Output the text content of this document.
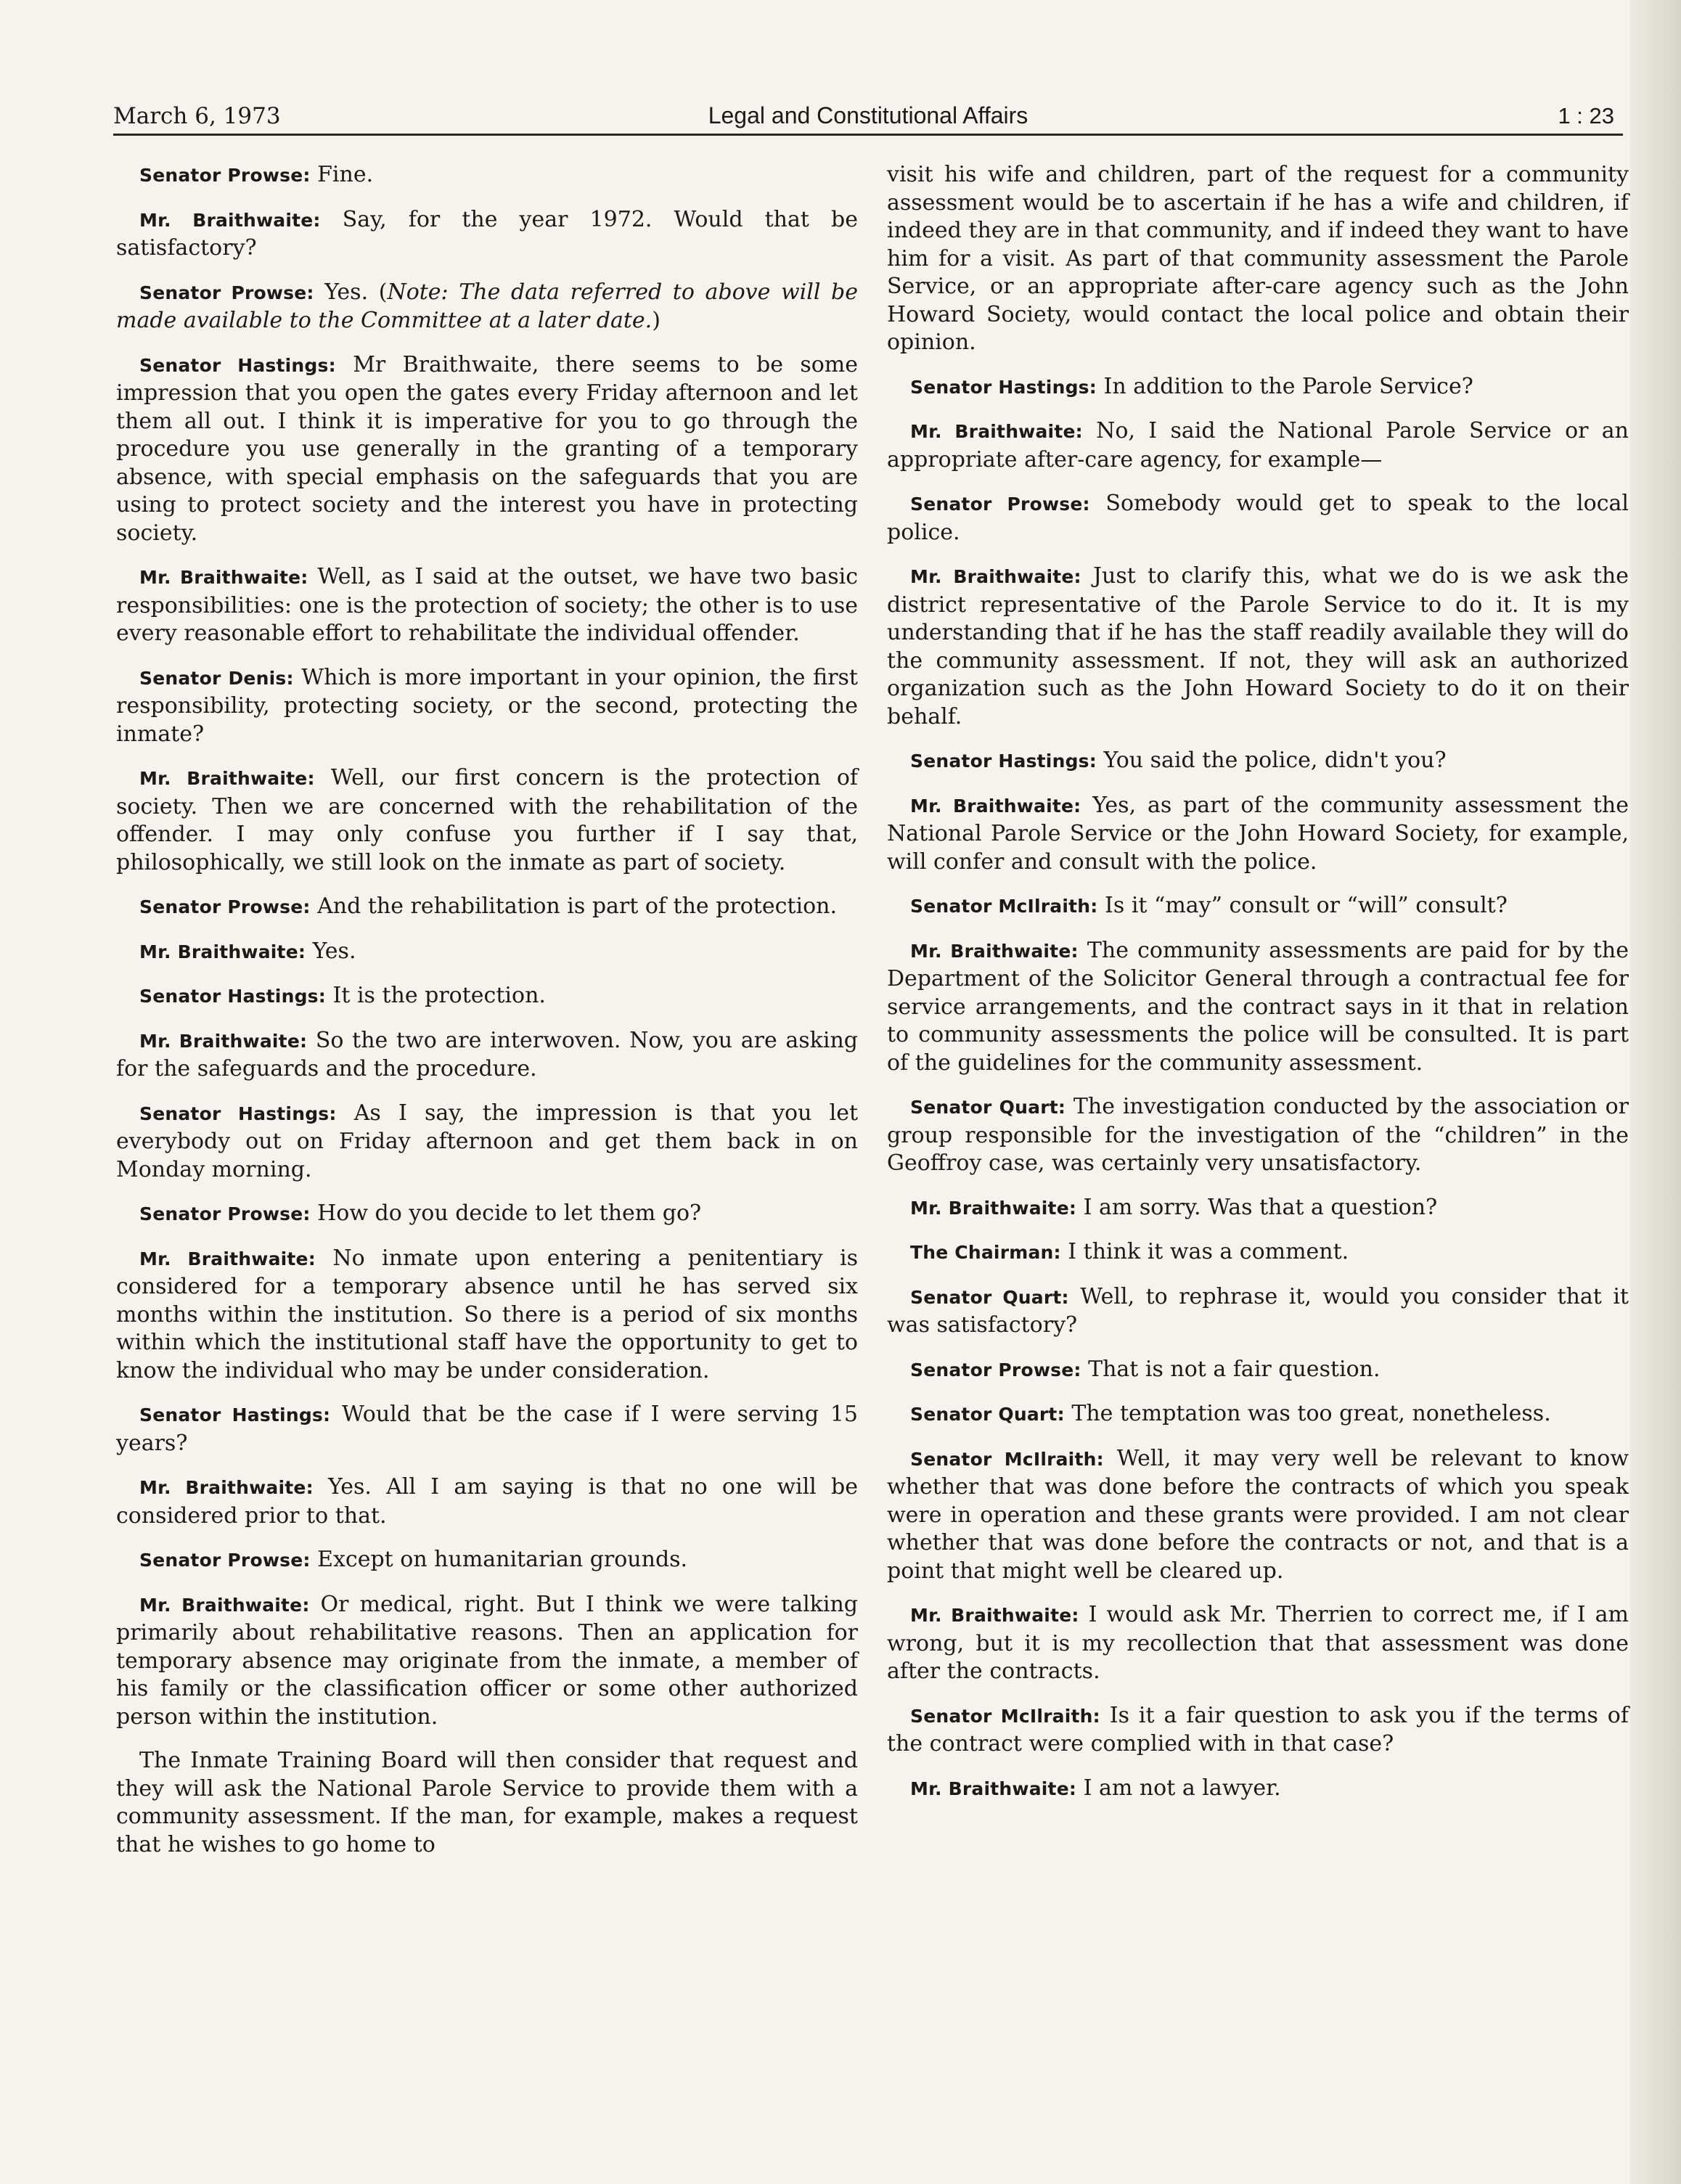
March 6, 1973	Legal and Constitutional Affairs	1 : 23

Senator Prowse: Fine.

Mr. Braithwaite: Say, for the year 1972. Would that be satisfactory?

Senator Prowse: Yes. (Note: The data referred to above will be made available to the Committee at a later date.)

Senator Hastings: Mr Braithwaite, there seems to be some impression that you open the gates every Friday afternoon and let them all out. I think it is imperative for you to go through the procedure you use generally in the granting of a temporary absence, with special emphasis on the safeguards that you are using to protect society and the interest you have in protecting society.

Mr. Braithwaite: Well, as I said at the outset, we have two basic responsibilities: one is the protection of society; the other is to use every reasonable effort to rehabilitate the individual offender.

Senator Denis: Which is more important in your opinion, the first responsibility, protecting society, or the second, protecting the inmate?

Mr. Braithwaite: Well, our first concern is the protection of society. Then we are concerned with the rehabilitation of the offender. I may only confuse you further if I say that, philosophically, we still look on the inmate as part of society.

Senator Prowse: And the rehabilitation is part of the protection.

Mr. Braithwaite: Yes.

Senator Hastings: It is the protection.

Mr. Braithwaite: So the two are interwoven. Now, you are asking for the safeguards and the procedure.

Senator Hastings: As I say, the impression is that you let everybody out on Friday afternoon and get them back in on Monday morning.

Senator Prowse: How do you decide to let them go?

Mr. Braithwaite: No inmate upon entering a penitentiary is considered for a temporary absence until he has served six months within the institution. So there is a period of six months within which the institutional staff have the opportunity to get to know the individual who may be under consideration.

Senator Hastings: Would that be the case if I were serving 15 years?

Mr. Braithwaite: Yes. All I am saying is that no one will be considered prior to that.

Senator Prowse: Except on humanitarian grounds.

Mr. Braithwaite: Or medical, right. But I think we were talking primarily about rehabilitative reasons. Then an application for temporary absence may originate from the inmate, a member of his family or the classification officer or some other authorized person within the institution.

The Inmate Training Board will then consider that request and they will ask the National Parole Service to provide them with a community assessment. If the man, for example, makes a request that he wishes to go home to

visit his wife and children, part of the request for a community assessment would be to ascertain if he has a wife and children, if indeed they are in that community, and if indeed they want to have him for a visit. As part of that community assessment the Parole Service, or an appropriate after-care agency such as the John Howard Society, would contact the local police and obtain their opinion.

Senator Hastings: In addition to the Parole Service?

Mr. Braithwaite: No, I said the National Parole Service or an appropriate after-care agency, for example—

Senator Prowse: Somebody would get to speak to the local police.

Mr. Braithwaite: Just to clarify this, what we do is we ask the district representative of the Parole Service to do it. It is my understanding that if he has the staff readily available they will do the community assessment. If not, they will ask an authorized organization such as the John Howard Society to do it on their behalf.

Senator Hastings: You said the police, didn't you?

Mr. Braithwaite: Yes, as part of the community assessment the National Parole Service or the John Howard Society, for example, will confer and consult with the police.

Senator McIlraith: Is it “may” consult or “will” consult?

Mr. Braithwaite: The community assessments are paid for by the Department of the Solicitor General through a contractual fee for service arrangements, and the contract says in it that in relation to community assessments the police will be consulted. It is part of the guidelines for the community assessment.

Senator Quart: The investigation conducted by the association or group responsible for the investigation of the “children” in the Geoffroy case, was certainly very unsatisfactory.

Mr. Braithwaite: I am sorry. Was that a question?

The Chairman: I think it was a comment.

Senator Quart: Well, to rephrase it, would you consider that it was satisfactory?

Senator Prowse: That is not a fair question.

Senator Quart: The temptation was too great, nonetheless.

Senator McIlraith: Well, it may very well be relevant to know whether that was done before the contracts of which you speak were in operation and these grants were provided. I am not clear whether that was done before the contracts or not, and that is a point that might well be cleared up.

Mr. Braithwaite: I would ask Mr. Therrien to correct me, if I am wrong, but it is my recollection that that assessment was done after the contracts.

Senator McIlraith: Is it a fair question to ask you if the terms of the contract were complied with in that case?

Mr. Braithwaite: I am not a lawyer.
